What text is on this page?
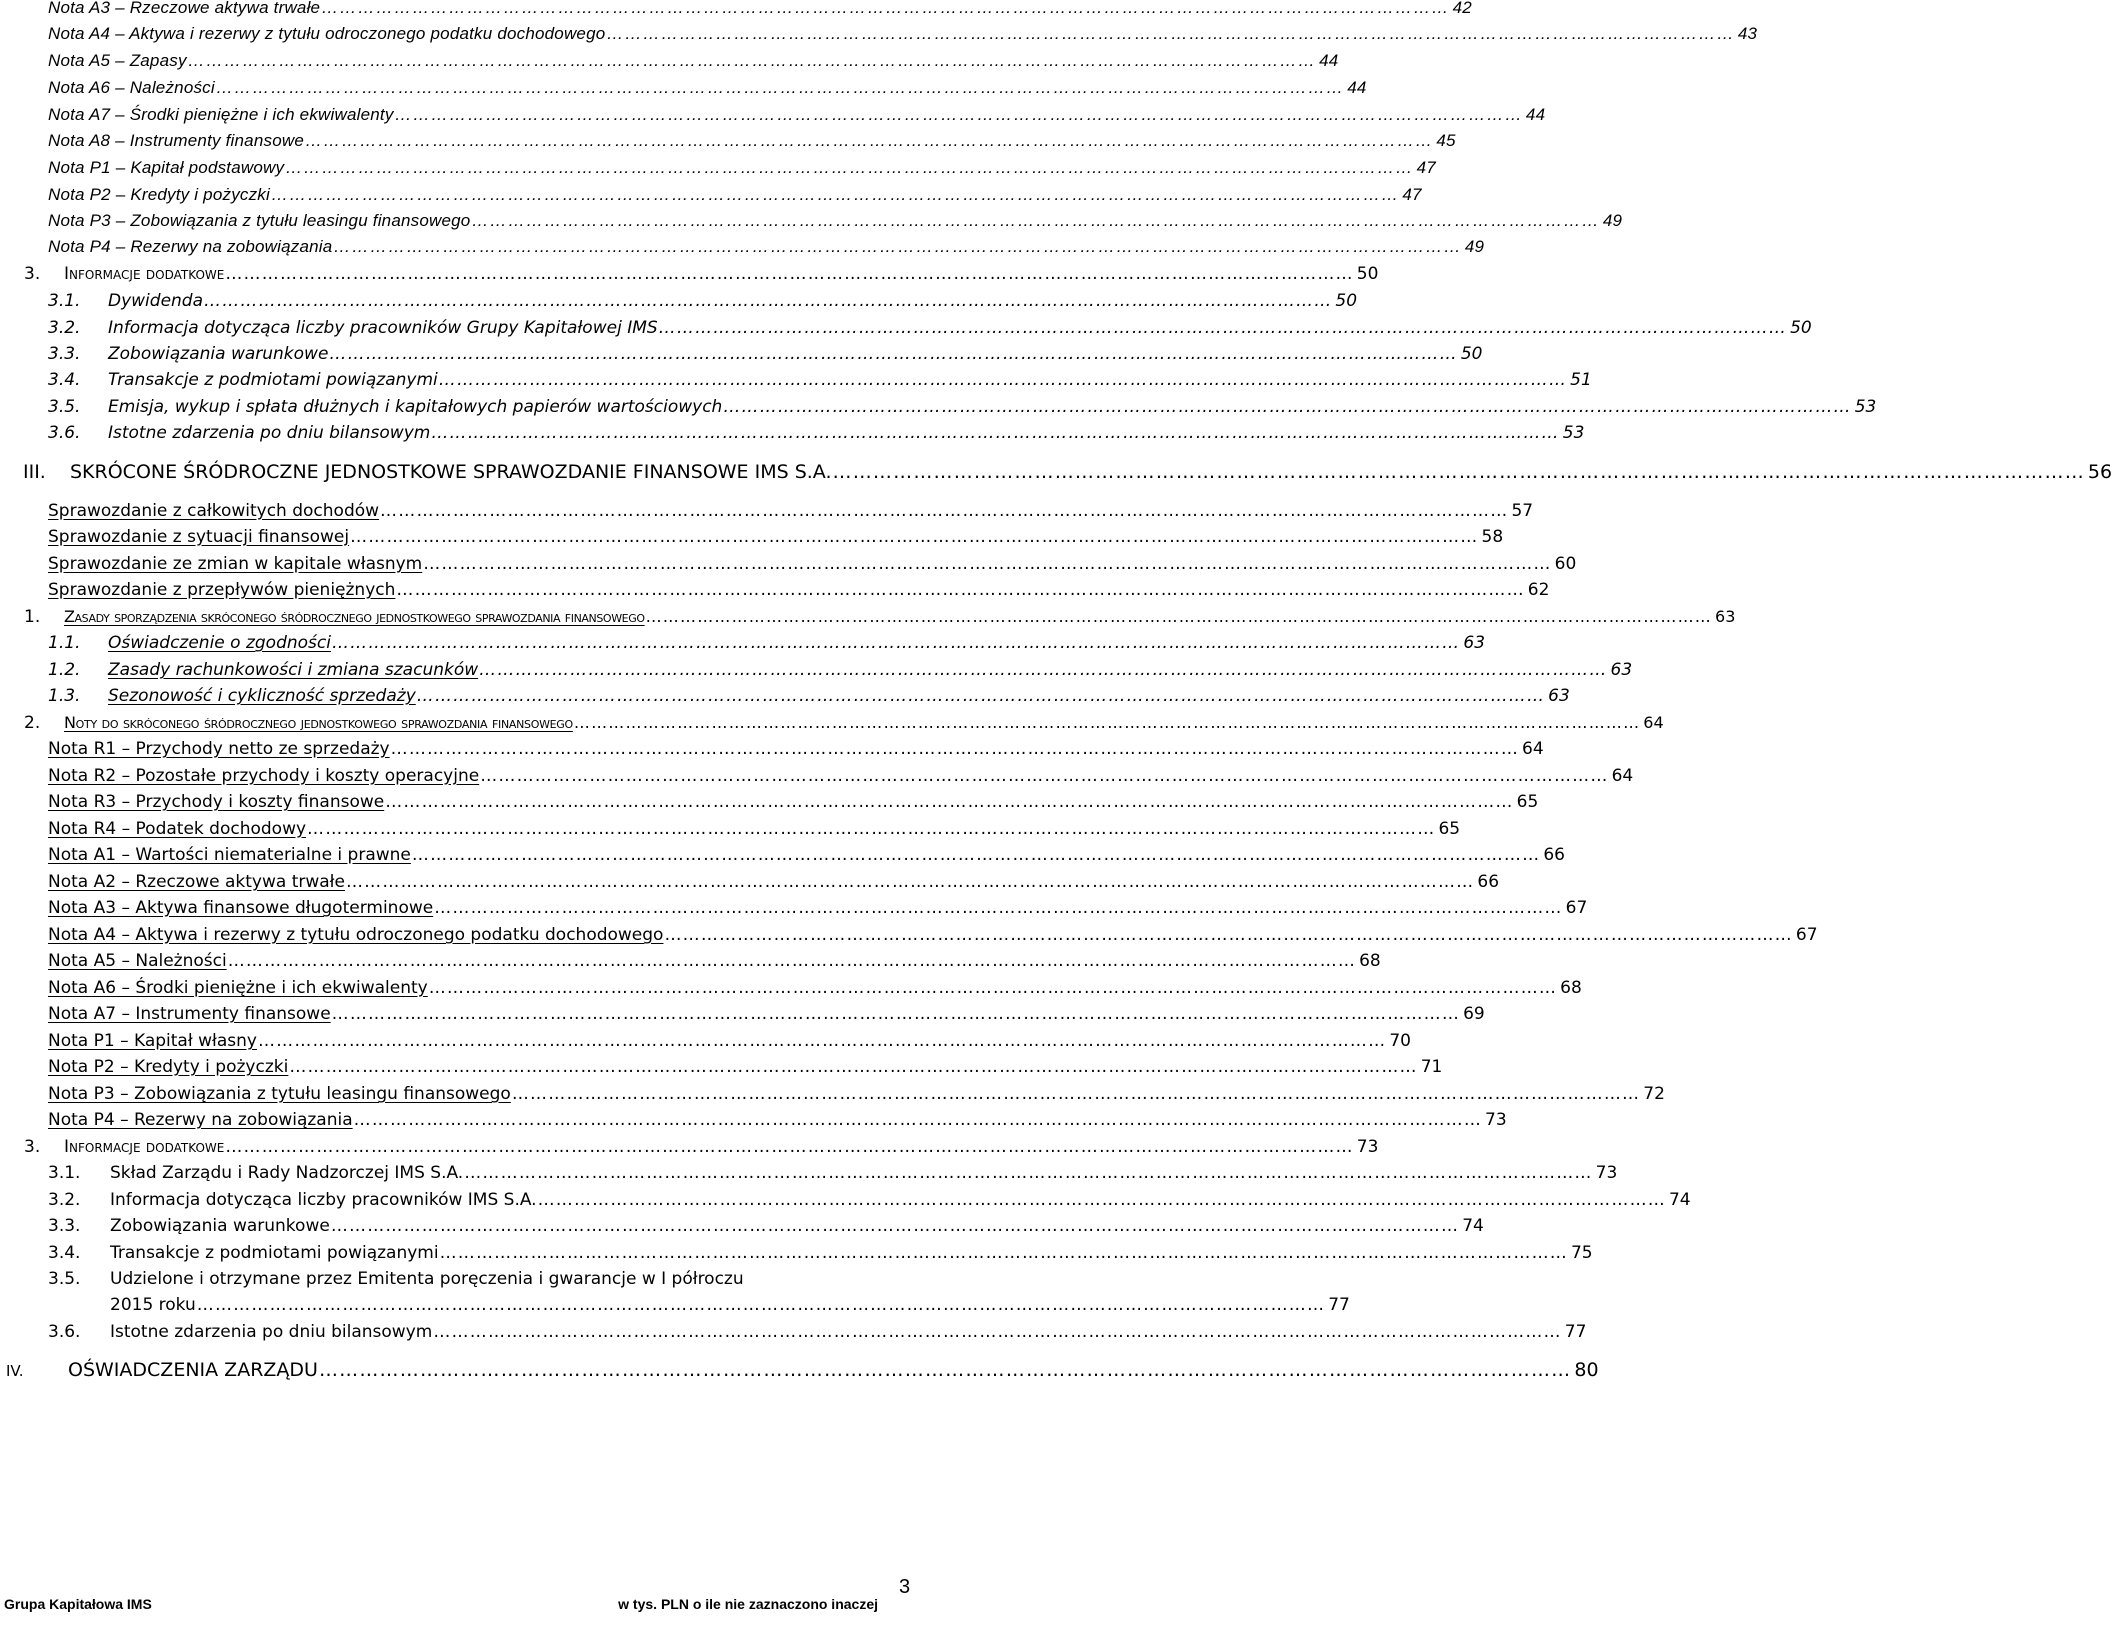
Nota A3 – Rzeczowe aktywa trwałe …………………………………………………………………………………………………………………………………………………………………… 42
Nota A4 – Aktywa i rezerwy z tytułu odroczonego podatku dochodowego …………………………………………………………………………………………………………………………………………………………………… 43
Nota A5 – Zapasy …………………………………………………………………………………………………………………………………………………………………… 44
Nota A6 – Należności …………………………………………………………………………………………………………………………………………………………………… 44
Nota A7 – Środki pieniężne i ich ekwiwalenty …………………………………………………………………………………………………………………………………………………………………… 44
Nota A8 – Instrumenty finansowe …………………………………………………………………………………………………………………………………………………………………… 45
Nota P1 – Kapitał podstawowy …………………………………………………………………………………………………………………………………………………………………… 47
Nota P2 – Kredyty i pożyczki …………………………………………………………………………………………………………………………………………………………………… 47
Nota P3 – Zobowiązania z tytułu leasingu finansowego …………………………………………………………………………………………………………………………………………………………………… 49
Nota P4 – Rezerwy na zobowiązania …………………………………………………………………………………………………………………………………………………………………… 49
3.	Informacje dodatkowe …………………………………………………………………………………………………………………………………………………………………… 50
3.1.	Dywidenda …………………………………………………………………………………………………………………………………………………………………… 50
3.2.	Informacja dotycząca liczby pracowników Grupy Kapitałowej IMS …………………………………………………………………………………………………………………………………………………………………… 50
3.3.	Zobowiązania warunkowe …………………………………………………………………………………………………………………………………………………………………… 50
3.4.	Transakcje z podmiotami powiązanymi …………………………………………………………………………………………………………………………………………………………………… 51
3.5.	Emisja, wykup i spłata dłużnych i kapitałowych papierów wartościowych …………………………………………………………………………………………………………………………………………………………………… 53
3.6.	Istotne zdarzenia po dniu bilansowym …………………………………………………………………………………………………………………………………………………………………… 53
III.	SKRÓCONE ŚRÓDROCZNE JEDNOSTKOWE SPRAWOZDANIE FINANSOWE IMS S.A. …………………………………………………………………………………………………………………………………………………………………… 56
Sprawozdanie z całkowitych dochodów …………………………………………………………………………………………………………………………………………………………………… 57
Sprawozdanie z sytuacji finansowej …………………………………………………………………………………………………………………………………………………………………… 58
Sprawozdanie ze zmian w kapitale własnym …………………………………………………………………………………………………………………………………………………………………… 60
Sprawozdanie z przepływów pieniężnych …………………………………………………………………………………………………………………………………………………………………… 62
1.	Zasady sporządzenia skróconego śródrocznego jednostkowego sprawozdania finansowego …………………………………………………………………………………………………………………………………………………………………… 63
1.1.	Oświadczenie o zgodności …………………………………………………………………………………………………………………………………………………………………… 63
1.2.	Zasady rachunkowości i zmiana szacunków …………………………………………………………………………………………………………………………………………………………………… 63
1.3.	Sezonowość i cykliczność sprzedaży …………………………………………………………………………………………………………………………………………………………………… 63
2.	Noty do skróconego śródrocznego jednostkowego sprawozdania finansowego …………………………………………………………………………………………………………………………………………………………………… 64
Nota R1 – Przychody netto ze sprzedaży …………………………………………………………………………………………………………………………………………………………………… 64
Nota R2 – Pozostałe przychody i koszty operacyjne …………………………………………………………………………………………………………………………………………………………………… 64
Nota R3 – Przychody i koszty finansowe …………………………………………………………………………………………………………………………………………………………………… 65
Nota R4 – Podatek dochodowy …………………………………………………………………………………………………………………………………………………………………… 65
Nota A1 – Wartości niematerialne i prawne …………………………………………………………………………………………………………………………………………………………………… 66
Nota A2 – Rzeczowe aktywa trwałe …………………………………………………………………………………………………………………………………………………………………… 66
Nota A3 – Aktywa finansowe długoterminowe …………………………………………………………………………………………………………………………………………………………………… 67
Nota A4 – Aktywa i rezerwy z tytułu odroczonego podatku dochodowego …………………………………………………………………………………………………………………………………………………………………… 67
Nota A5 – Należności …………………………………………………………………………………………………………………………………………………………………… 68
Nota A6 – Środki pieniężne i ich ekwiwalenty …………………………………………………………………………………………………………………………………………………………………… 68
Nota A7 – Instrumenty finansowe …………………………………………………………………………………………………………………………………………………………………… 69
Nota P1 – Kapitał własny …………………………………………………………………………………………………………………………………………………………………… 70
Nota P2 – Kredyty i pożyczki …………………………………………………………………………………………………………………………………………………………………… 71
Nota P3 – Zobowiązania z tytułu leasingu finansowego …………………………………………………………………………………………………………………………………………………………………… 72
Nota P4 – Rezerwy na zobowiązania …………………………………………………………………………………………………………………………………………………………………… 73
3.	Informacje dodatkowe …………………………………………………………………………………………………………………………………………………………………… 73
3.1.	Skład Zarządu i Rady Nadzorczej IMS S.A. …………………………………………………………………………………………………………………………………………………………………… 73
3.2.	Informacja dotycząca liczby pracowników IMS S.A. …………………………………………………………………………………………………………………………………………………………………… 74
3.3.	Zobowiązania warunkowe …………………………………………………………………………………………………………………………………………………………………… 74
3.4.	Transakcje z podmiotami powiązanymi …………………………………………………………………………………………………………………………………………………………………… 75
3.5.	Udzielone i otrzymane przez Emitenta poręczenia i gwarancje w I półroczu
2015 roku …………………………………………………………………………………………………………………………………………………………………… 77
3.6.	Istotne zdarzenia po dniu bilansowym …………………………………………………………………………………………………………………………………………………………………… 77
IV.	OŚWIADCZENIA ZARZĄDU …………………………………………………………………………………………………………………………………………………………………… 80
3
Grupa Kapitałowa IMS	w tys. PLN o ile nie zaznaczono inaczej
